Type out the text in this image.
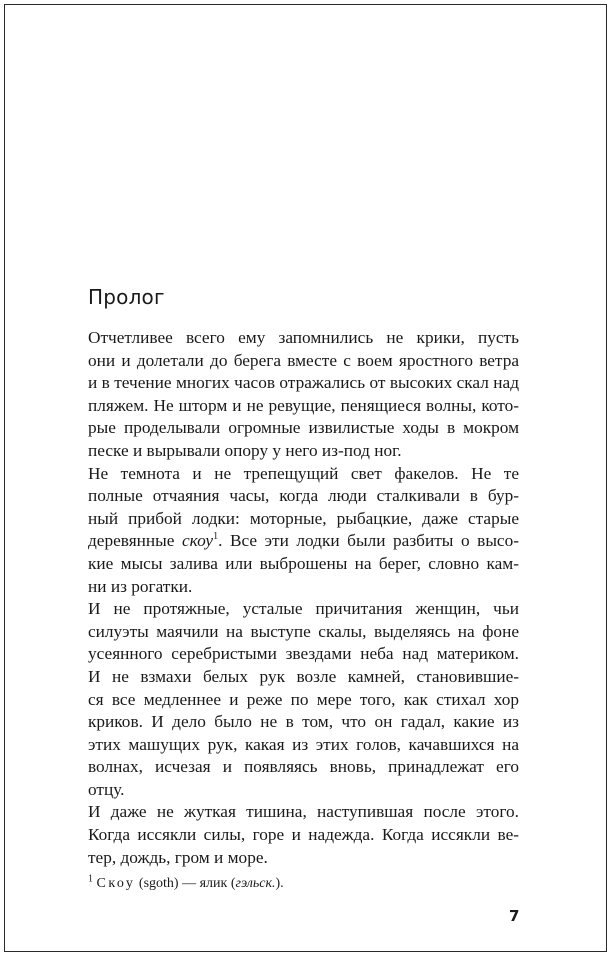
Пролог
Отчетливее всего ему запомнились не крики, пусть
они и долетали до берега вместе с воем яростного ветра
и в течение многих часов отражались от высоких скал над
пляжем. Не шторм и не ревущие, пенящиеся волны, кото-
рые проделывали огромные извилистые ходы в мокром
песке и вырывали опору у него из-под ног.
Не темнота и не трепещущий свет факелов. Не те
полные отчаяния часы, когда люди сталкивали в бур-
ный прибой лодки: моторные, рыбацкие, даже старые
деревянные скоу$^1$. Все эти лодки были разбиты о высо-
кие мысы залива или выброшены на берег, словно кам-
ни из рогатки.
И не протяжные, усталые причитания женщин, чьи
силуэты маячили на выступе скалы, выделяясь на фоне
усеянного серебристыми звездами неба над материком.
И не взмахи белых рук возле камней, становившие-
ся все медленнее и реже по мере того, как стихал хор
криков. И дело было не в том, что он гадал, какие из
этих машущих рук, какая из этих голов, качавшихся на
волнах, исчезая и появляясь вновь, принадлежат его
отцу.
И даже не жуткая тишина, наступившая после этого.
Когда иссякли силы, горе и надежда. Когда иссякли ве-
тер, дождь, гром и море.
$^1$ Скоу (sgoth) — ялик (гэльск.).
7
